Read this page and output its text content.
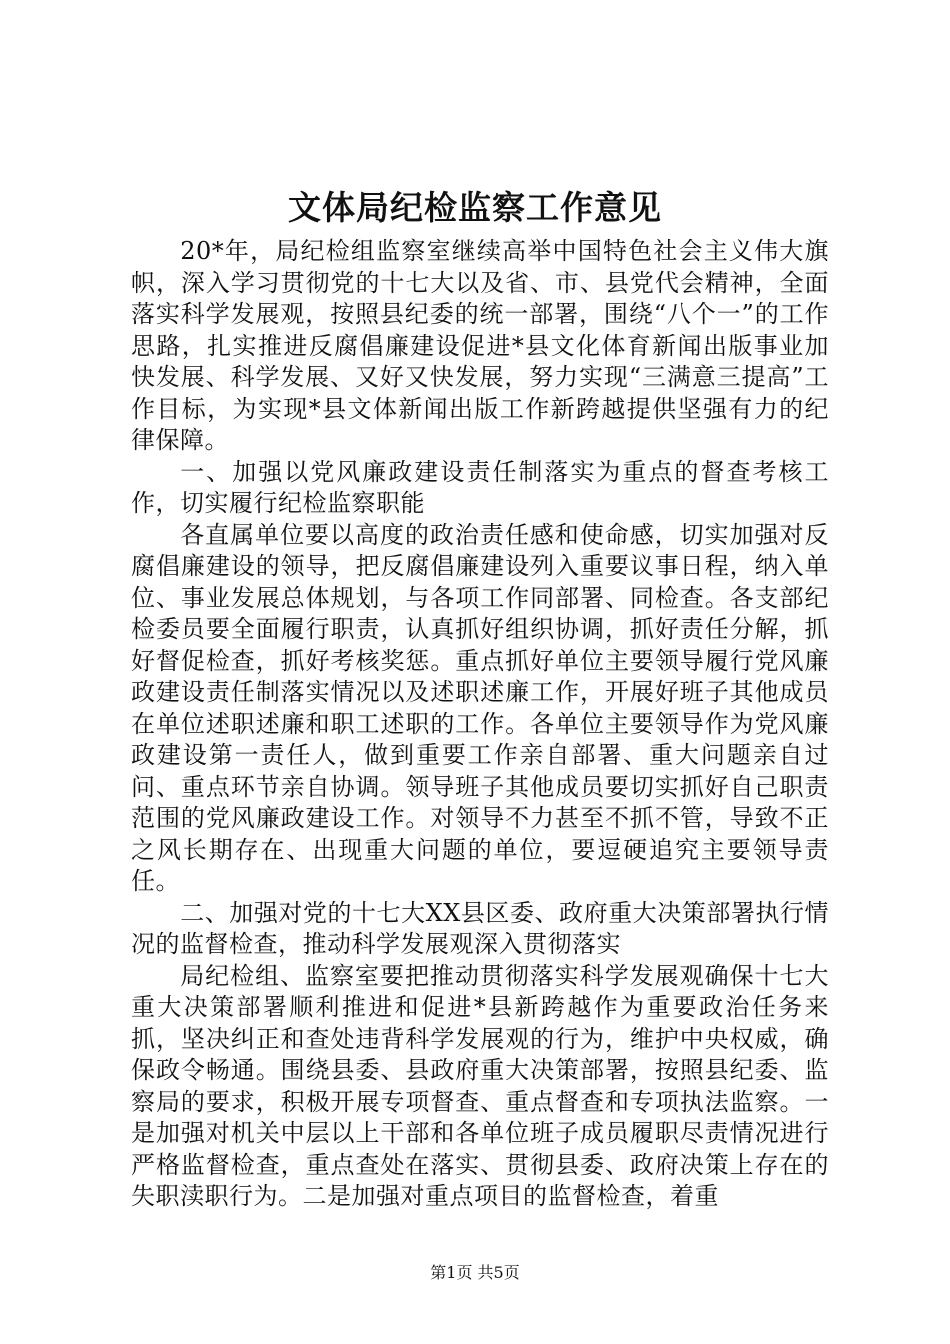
文体局纪检监察工作意见

20*年，局纪检组监察室继续高举中国特色社会主义伟大旗帜，深入学习贯彻党的十七大以及省、市、县党代会精神，全面落实科学发展观，按照县纪委的统一部署，围绕“八个一”的工作思路，扎实推进反腐倡廉建设促进*县文化体育新闻出版事业加快发展、科学发展、又好又快发展，努力实现“三满意三提高”工作目标，为实现*县文体新闻出版工作新跨越提供坚强有力的纪律保障。

一、加强以党风廉政建设责任制落实为重点的督查考核工作，切实履行纪检监察职能

各直属单位要以高度的政治责任感和使命感，切实加强对反腐倡廉建设的领导，把反腐倡廉建设列入重要议事日程，纳入单位、事业发展总体规划，与各项工作同部署、同检查。各支部纪检委员要全面履行职责，认真抓好组织协调，抓好责任分解，抓好督促检查，抓好考核奖惩。重点抓好单位主要领导履行党风廉政建设责任制落实情况以及述职述廉工作，开展好班子其他成员在单位述职述廉和职工述职的工作。各单位主要领导作为党风廉政建设第一责任人，做到重要工作亲自部署、重大问题亲自过问、重点环节亲自协调。领导班子其他成员要切实抓好自己职责范围的党风廉政建设工作。对领导不力甚至不抓不管，导致不正之风长期存在、出现重大问题的单位，要逗硬追究主要领导责任。

二、加强对党的十七大XX县区委、政府重大决策部署执行情况的监督检查，推动科学发展观深入贯彻落实

局纪检组、监察室要把推动贯彻落实科学发展观确保十七大重大决策部署顺利推进和促进*县新跨越作为重要政治任务来抓，坚决纠正和查处违背科学发展观的行为，维护中央权威，确保政令畅通。围绕县委、县政府重大决策部署，按照县纪委、监察局的要求，积极开展专项督查、重点督查和专项执法监察。一是加强对机关中层以上干部和各单位班子成员履职尽责情况进行严格监督检查，重点查处在落实、贯彻县委、政府决策上存在的失职渎职行为。二是加强对重点项目的监督检查，着重

第1页 共5页
